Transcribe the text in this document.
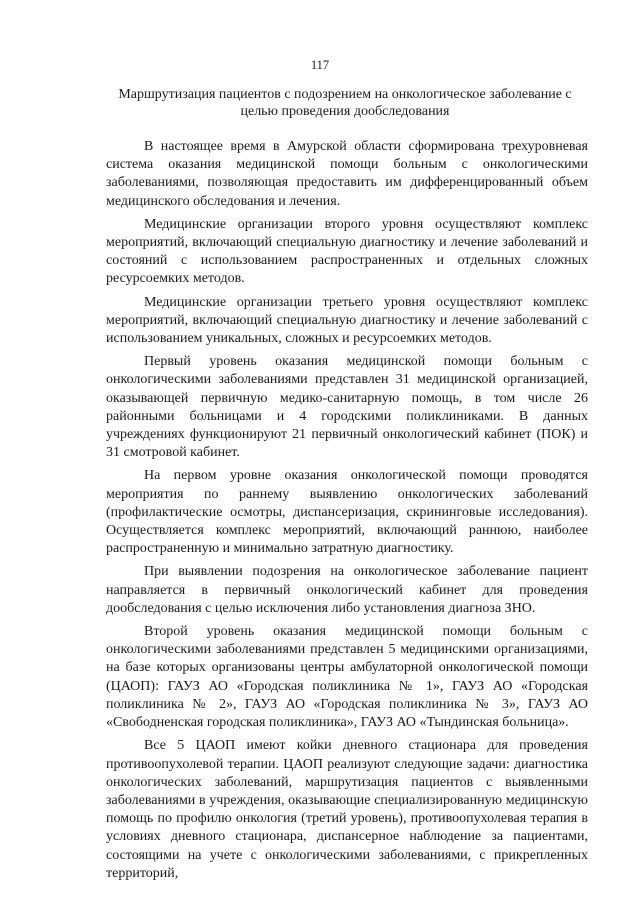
117
Маршрутизация пациентов с подозрением на онкологическое заболевание с целью проведения дообследования

В настоящее время в Амурской области сформирована трехуровневая система оказания медицинской помощи больным с онкологическими заболеваниями, позволяющая предоставить им дифференцированный объем медицинского обследования и лечения.

Медицинские организации второго уровня осуществляют комплекс мероприятий, включающий специальную диагностику и лечение заболеваний и состояний с использованием распространенных и отдельных сложных ресурсоемких методов.

Медицинские организации третьего уровня осуществляют комплекс мероприятий, включающий специальную диагностику и лечение заболеваний с использованием уникальных, сложных и ресурсоемких методов.

Первый уровень оказания медицинской помощи больным с онкологическими заболеваниями представлен 31 медицинской организацией, оказывающей первичную медико-санитарную помощь, в том числе 26 районными больницами и 4 городскими поликлиниками. В данных учреждениях функционируют 21 первичный онкологический кабинет (ПОК) и 31 смотровой кабинет.

На первом уровне оказания онкологической помощи проводятся мероприятия по раннему выявлению онкологических заболеваний (профилактические осмотры, диспансеризация, скрининговые исследования). Осуществляется комплекс мероприятий, включающий раннюю, наиболее распространенную и минимально затратную диагностику.

При выявлении подозрения на онкологическое заболевание пациент направляется в первичный онкологический кабинет для проведения дообследования с целью исключения либо установления диагноза ЗНО.

Второй уровень оказания медицинской помощи больным с онкологическими заболеваниями представлен 5 медицинскими организациями, на базе которых организованы центры амбулаторной онкологической помощи (ЦАОП): ГАУЗ АО «Городская поликлиника № 1», ГАУЗ АО «Городская поликлиника № 2», ГАУЗ АО «Городская поликлиника № 3», ГАУЗ АО «Свободненская городская поликлиника», ГАУЗ АО «Тындинская больница».

Все 5 ЦАОП имеют койки дневного стационара для проведения противоопухолевой терапии. ЦАОП реализуют следующие задачи: диагностика онкологических заболеваний, маршрутизация пациентов с выявленными заболеваниями в учреждения, оказывающие специализированную медицинскую помощь по профилю онкология (третий уровень), противоопухолевая терапия в условиях дневного стационара, диспансерное наблюдение за пациентами, состоящими на учете с онкологическими заболеваниями, с прикрепленных территорий,
